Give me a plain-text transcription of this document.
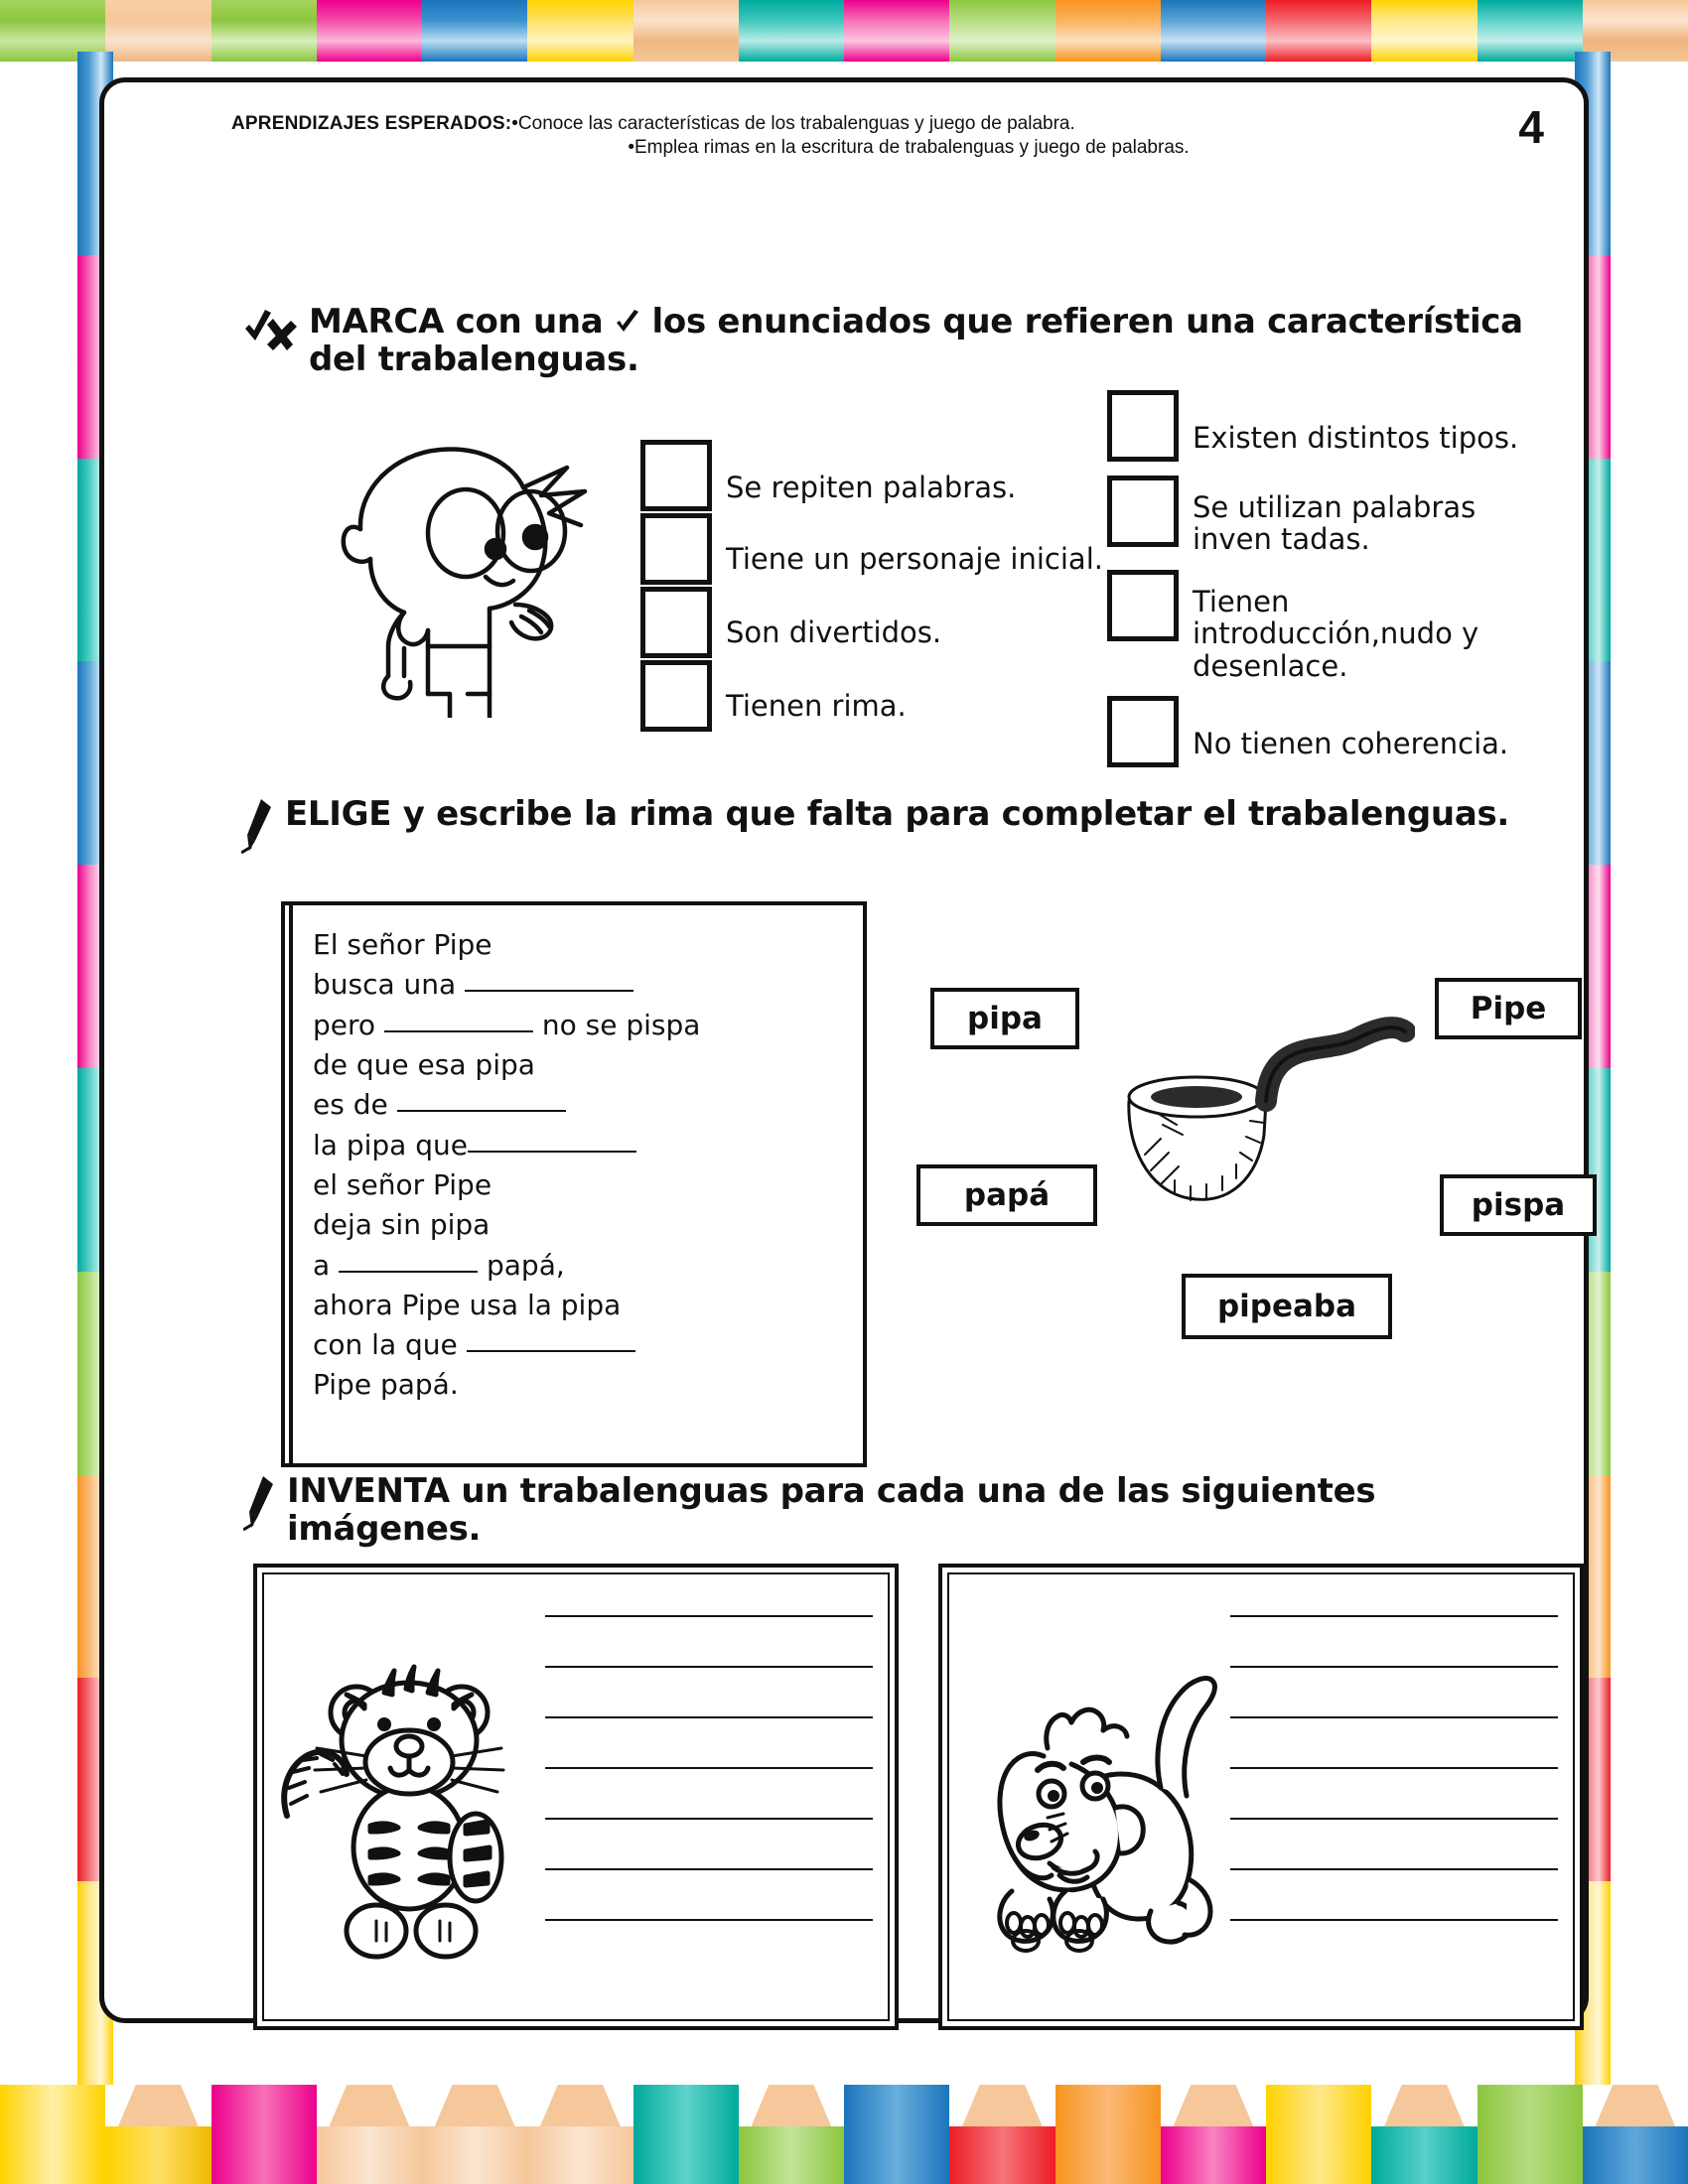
APRENDIZAJES ESPERADOS:•Conoce las características de los trabalenguas y juego de palabra.
•Emplea rimas en la escritura de trabalenguas y juego de palabras.	4
MARCA con una los enunciados que refieren una característica del trabalenguas.
Se repiten palabras.
Tiene un personaje inicial.
Son divertidos.
Tienen rima.
Existen distintos tipos.
Se utilizan palabras inven tadas.
Tienen introducción,nudo y desenlace.
No tienen coherencia.
ELIGE y escribe la rima que falta para completar el trabalenguas.
El señor Pipe
busca una
pero	no se pispa
de que esa pipa
es de
la pipa que
el señor Pipe
deja sin pipa
a	papá,
ahora Pipe usa la pipa
con la que
Pipe papá.
pipa	Pipe
papá	pispa
pipeaba
INVENTA un trabalenguas para cada una de las siguientes imágenes.
